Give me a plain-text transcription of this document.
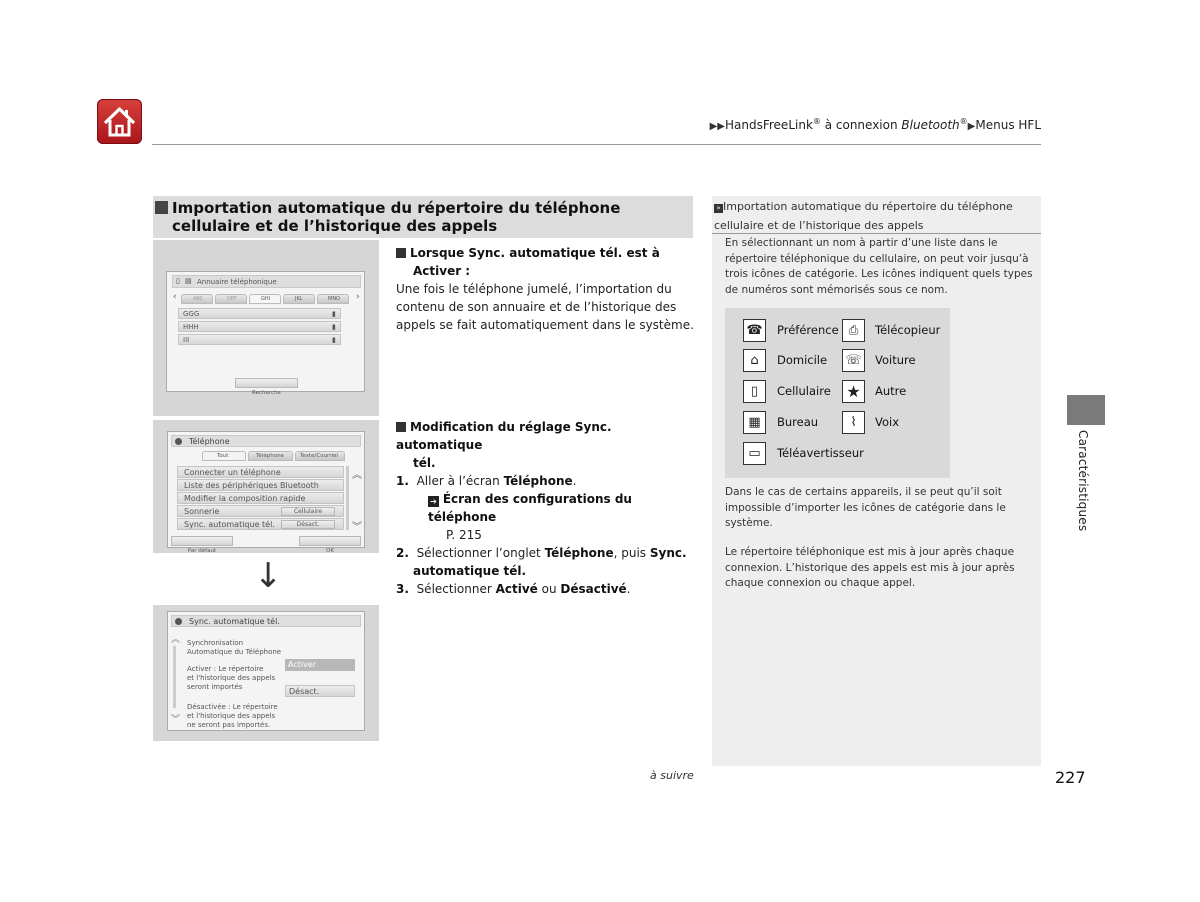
▶▶HandsFreeLink® à connexion Bluetooth®▶Menus HFL
Importation automatique du répertoire du téléphone cellulaire et de l’historique des appels
▯ ▤ Annuaire téléphonique
‹	›
ABC	DEF	GHI	JKL	MNO
GGG	▮
HHH	▮
III	▮
Recherche
Téléphone
Tout	Téléphone	Texte/Courriel
Connecter un téléphone
Liste des périphériques Bluetooth
Modifier la composition rapide
Sonnerie	Cellulaire
Sync. automatique tél.	Désact.
︽
︾
Par défaut	OK
↓
Sync. automatique tél.
︽
︾
Synchronisation
Automatique du Téléphone
Activer : Le répertoire
et l'historique des appels
seront importés
Désactivée : Le répertoire
et l'historique des appels
ne seront pas importés.
Activer
Désact.
Lorsque Sync. automatique tél. est à
Activer :
Une fois le téléphone jumelé, l’importation du contenu de son annuaire et de l’historique des appels se fait automatiquement dans le système.
Modification du réglage Sync. automatique
tél.
1. Aller à l’écran Téléphone.
➔ Écran des configurations du téléphone
P. 215
2. Sélectionner l’onglet Téléphone, puis Sync.
automatique tél.
3. Sélectionner Activé ou Désactivé.
» Importation automatique du répertoire du téléphone cellulaire et de l’historique des appels
En sélectionnant un nom à partir d’une liste dans le répertoire téléphonique du cellulaire, on peut voir jusqu’à trois icônes de catégorie. Les icônes indiquent quels types de numéros sont mémorisés sous ce nom.
☎ Préférence ⎙	Télécopieur
⌂	Domicile ☏ Voiture
▯	Cellulaire ★	Autre
▦	Bureau	⌇	Voix
▭	Téléavertisseur
Dans le cas de certains appareils, il se peut qu’il soit impossible d’importer les icônes de catégorie dans le système.
Le répertoire téléphonique est mis à jour après chaque connexion. L’historique des appels est mis à jour après chaque connexion ou chaque appel.
Caractéristiques
à suivre	227
